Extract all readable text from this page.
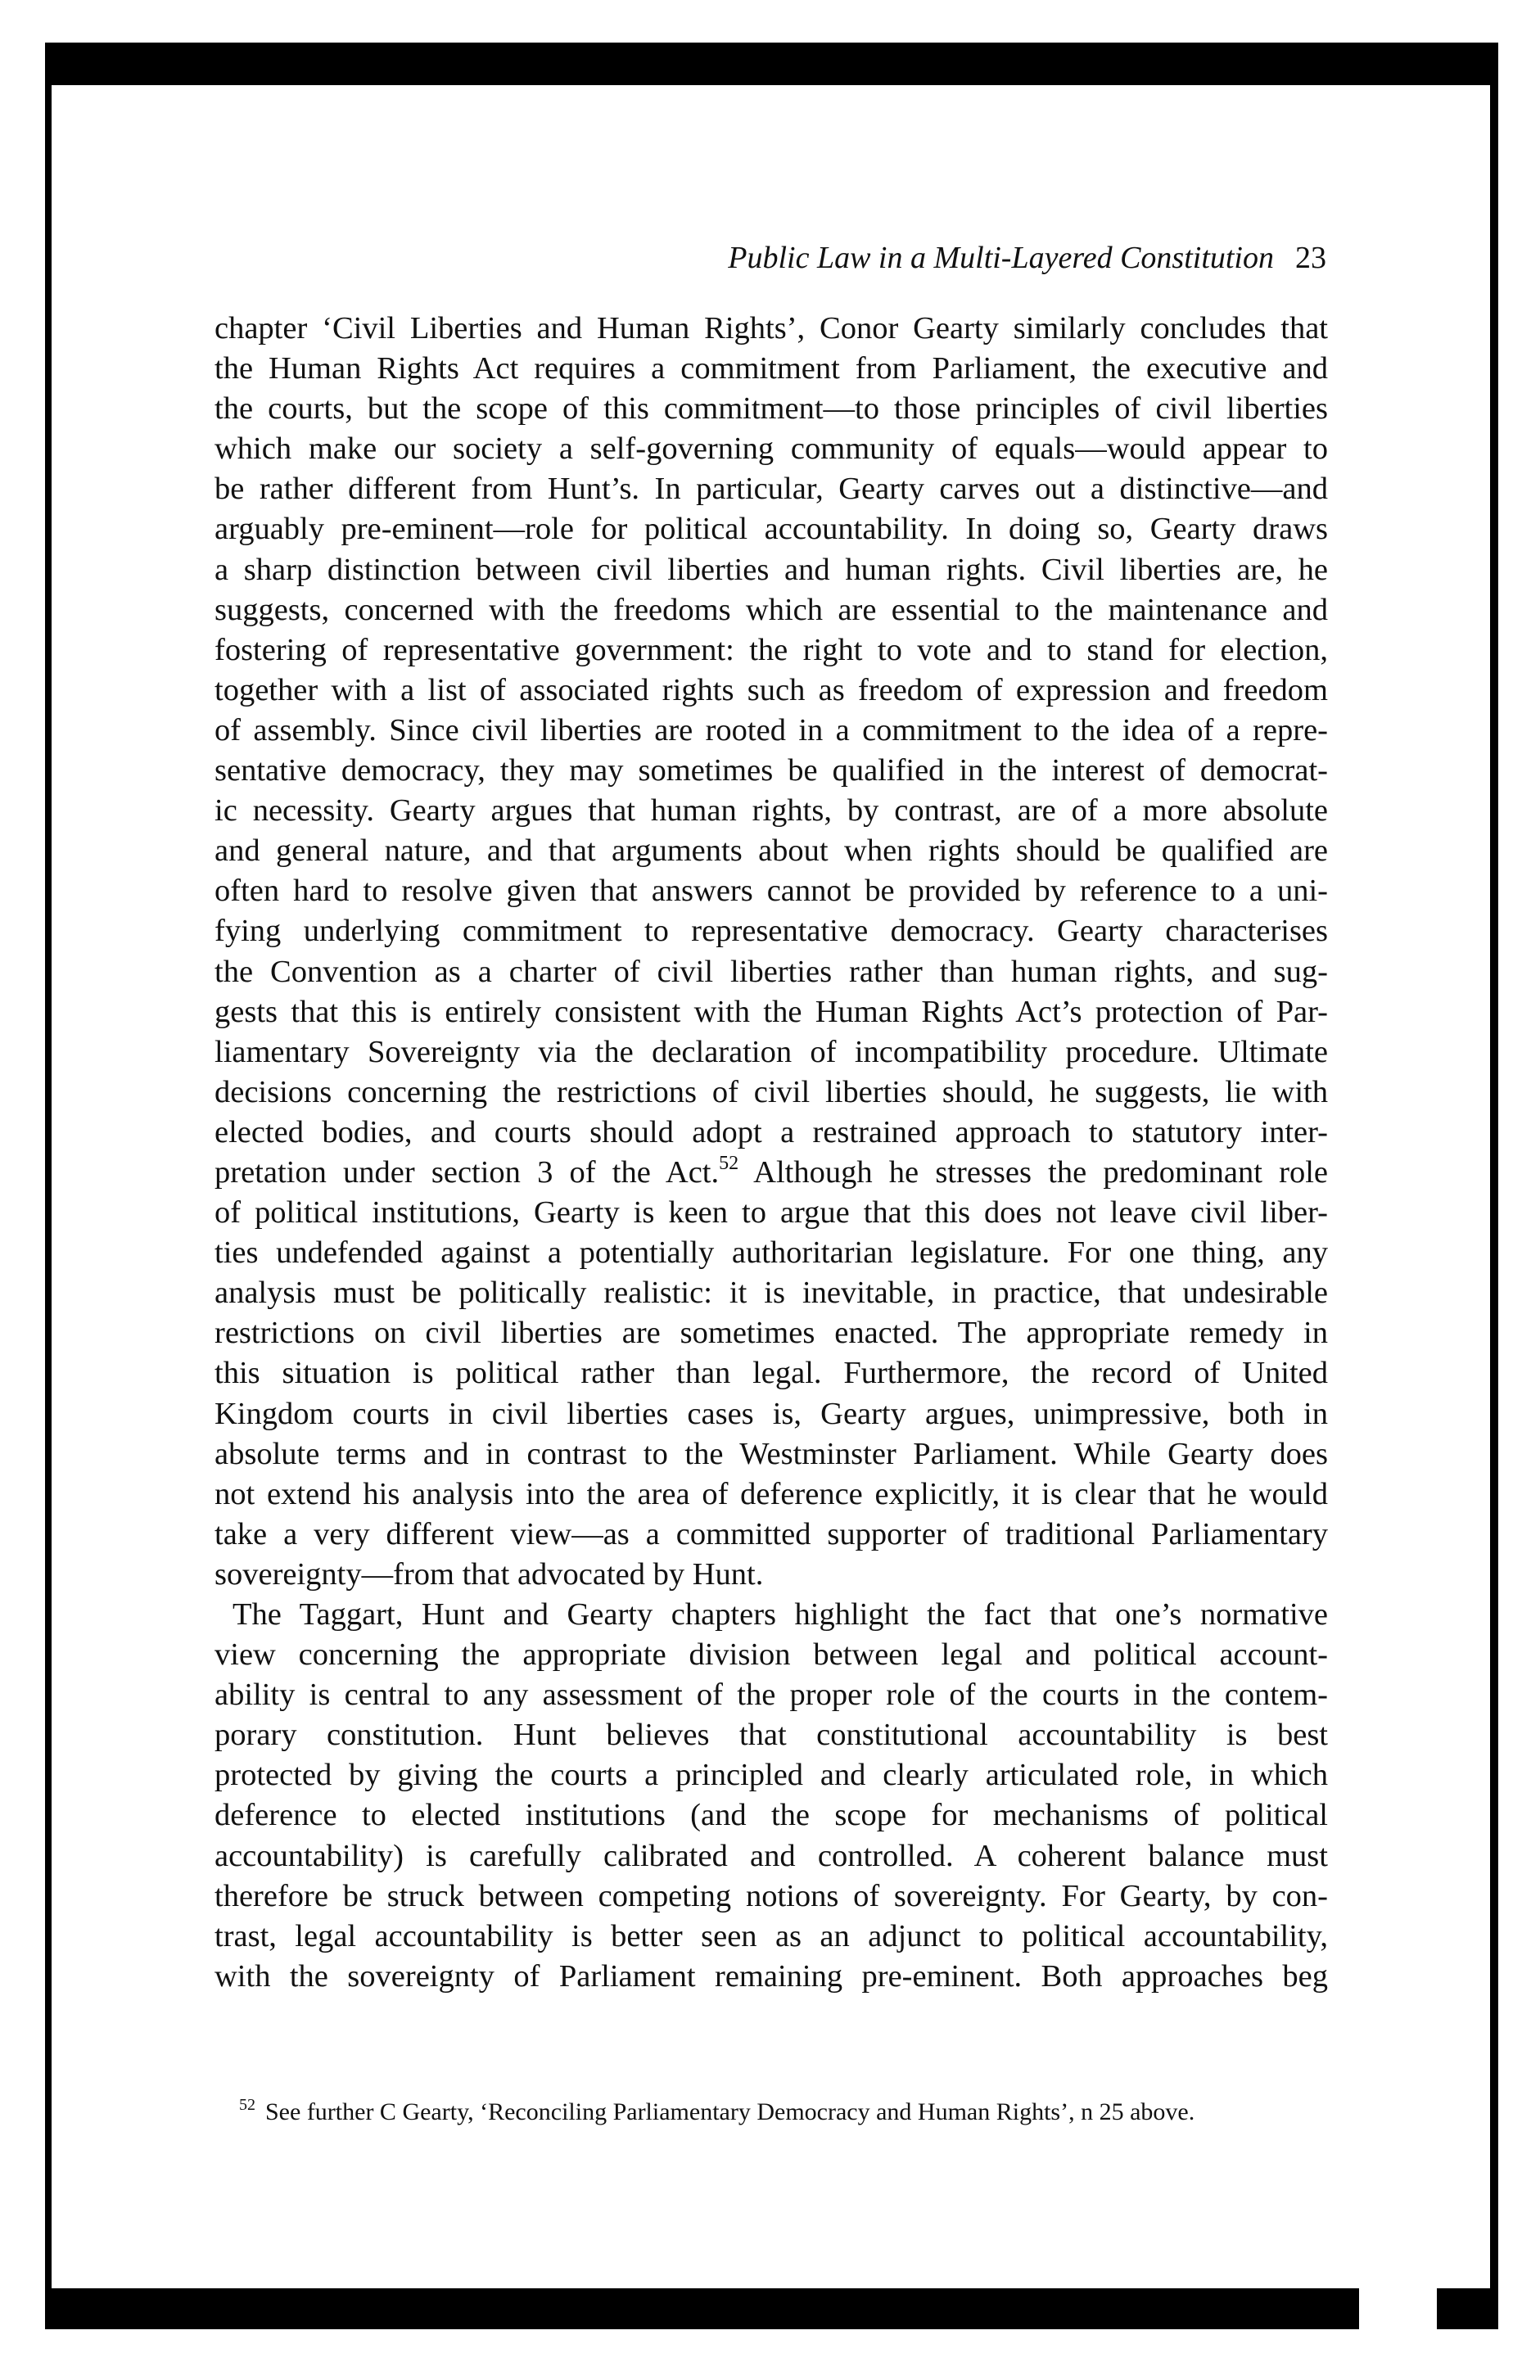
Public Law in a Multi-Layered Constitution 23
chapter ‘Civil Liberties and Human Rights’, Conor Gearty similarly concludes that
the Human Rights Act requires a commitment from Parliament, the executive and
the courts, but the scope of this commitment—to those principles of civil liberties
which make our society a self-governing community of equals—would appear to
be rather different from Hunt’s. In particular, Gearty carves out a distinctive—and
arguably pre-eminent—role for political accountability. In doing so, Gearty draws
a sharp distinction between civil liberties and human rights. Civil liberties are, he
suggests, concerned with the freedoms which are essential to the maintenance and
fostering of representative government: the right to vote and to stand for election,
together with a list of associated rights such as freedom of expression and freedom
of assembly. Since civil liberties are rooted in a commitment to the idea of a repre-
sentative democracy, they may sometimes be qualified in the interest of democrat-
ic necessity. Gearty argues that human rights, by contrast, are of a more absolute
and general nature, and that arguments about when rights should be qualified are
often hard to resolve given that answers cannot be provided by reference to a uni-
fying underlying commitment to representative democracy. Gearty characterises
the Convention as a charter of civil liberties rather than human rights, and sug-
gests that this is entirely consistent with the Human Rights Act’s protection of Par-
liamentary Sovereignty via the declaration of incompatibility procedure. Ultimate
decisions concerning the restrictions of civil liberties should, he suggests, lie with
elected bodies, and courts should adopt a restrained approach to statutory inter-
pretation under section 3 of the Act.$^{52}$ Although he stresses the predominant role
of political institutions, Gearty is keen to argue that this does not leave civil liber-
ties undefended against a potentially authoritarian legislature. For one thing, any
analysis must be politically realistic: it is inevitable, in practice, that undesirable
restrictions on civil liberties are sometimes enacted. The appropriate remedy in
this situation is political rather than legal. Furthermore, the record of United
Kingdom courts in civil liberties cases is, Gearty argues, unimpressive, both in
absolute terms and in contrast to the Westminster Parliament. While Gearty does
not extend his analysis into the area of deference explicitly, it is clear that he would
take a very different view—as a committed supporter of traditional Parliamentary
sovereignty—from that advocated by Hunt.
The Taggart, Hunt and Gearty chapters highlight the fact that one’s normative
view concerning the appropriate division between legal and political account-
ability is central to any assessment of the proper role of the courts in the contem-
porary constitution. Hunt believes that constitutional accountability is best
protected by giving the courts a principled and clearly articulated role, in which
deference to elected institutions (and the scope for mechanisms of political
accountability) is carefully calibrated and controlled. A coherent balance must
therefore be struck between competing notions of sovereignty. For Gearty, by con-
trast, legal accountability is better seen as an adjunct to political accountability,
with the sovereignty of Parliament remaining pre-eminent. Both approaches beg
$^{52}$ See further C Gearty, ‘Reconciling Parliamentary Democracy and Human Rights’, n 25 above.
